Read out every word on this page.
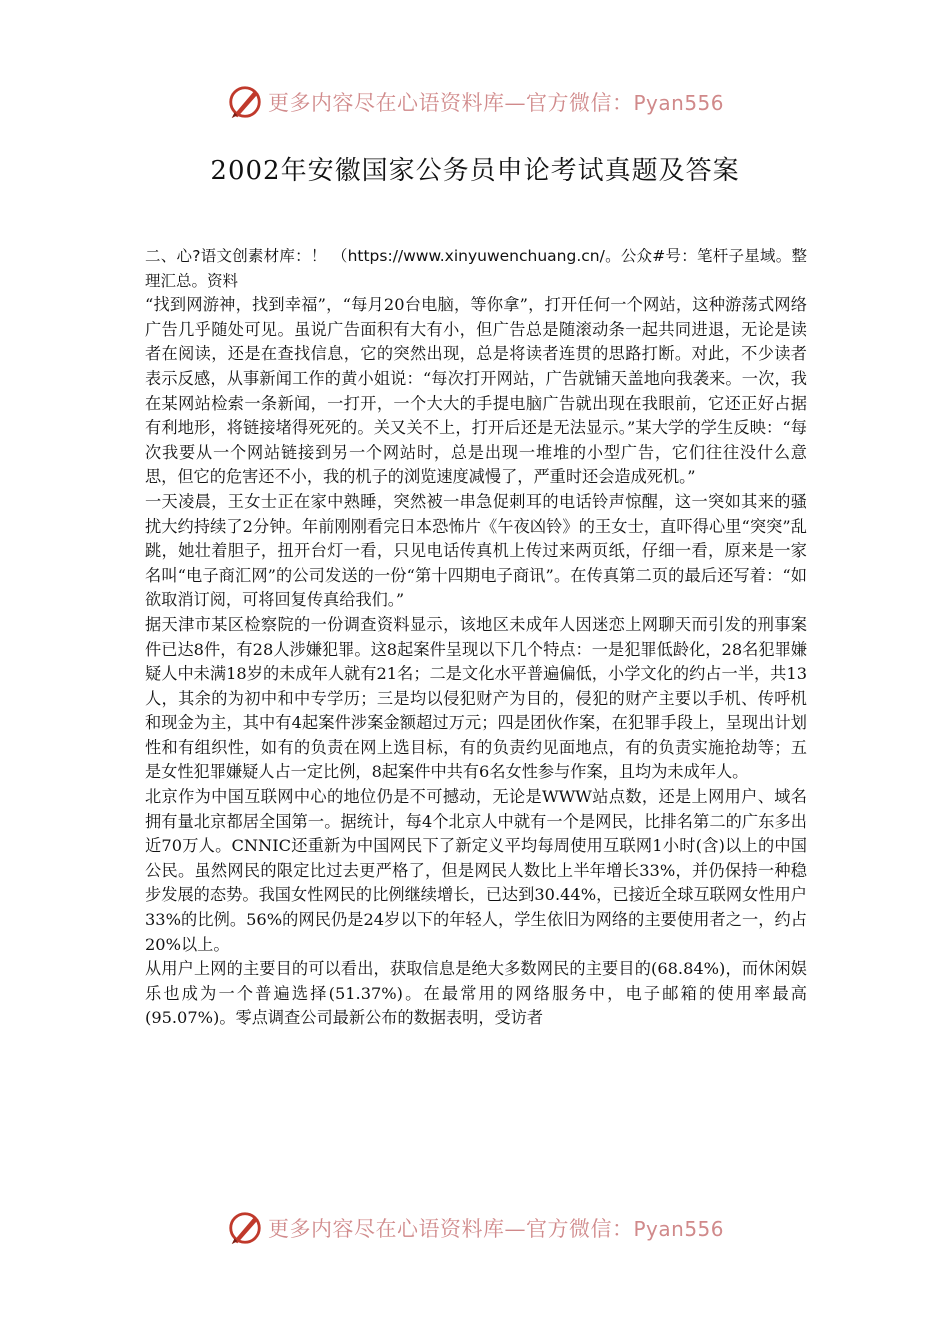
更多内容尽在心语资料库—官方微信：Pyan556
2002年安徽国家公务员申论考试真题及答案

二、心?语文创素材库：！ （https://www.xinyuwenchuang.cn/。公众#号：笔杆子星域。整理汇总。资料

“找到网游神，找到幸福”，“每月20台电脑，等你拿”，打开任何一个网站，这种游荡式网络广告几乎随处可见。虽说广告面积有大有小，但广告总是随滚动条一起共同进退，无论是读者在阅读，还是在查找信息，它的突然出现，总是将读者连贯的思路打断。对此，不少读者表示反感，从事新闻工作的黄小姐说：“每次打开网站，广告就铺天盖地向我袭来。一次，我在某网站检索一条新闻，一打开，一个大大的手提电脑广告就出现在我眼前，它还正好占据有利地形，将链接堵得死死的。关又关不上，打开后还是无法显示。”某大学的学生反映：“每次我要从一个网站链接到另一个网站时，总是出现一堆堆的小型广告，它们往往没什么意思，但它的危害还不小，我的机子的浏览速度减慢了，严重时还会造成死机。”

一天凌晨，王女士正在家中熟睡，突然被一串急促刺耳的电话铃声惊醒，这一突如其来的骚扰大约持续了2分钟。年前刚刚看完日本恐怖片《午夜凶铃》的王女士，直吓得心里“突突”乱跳，她壮着胆子，扭开台灯一看，只见电话传真机上传过来两页纸，仔细一看，原来是一家名叫“电子商汇网”的公司发送的一份“第十四期电子商讯”。在传真第二页的最后还写着：“如欲取消订阅，可将回复传真给我们。”

据天津市某区检察院的一份调查资料显示，该地区未成年人因迷恋上网聊天而引发的刑事案件已达8件，有28人涉嫌犯罪。这8起案件呈现以下几个特点：一是犯罪低龄化，28名犯罪嫌疑人中未满18岁的未成年人就有21名；二是文化水平普遍偏低，小学文化的约占一半，共13人，其余的为初中和中专学历；三是均以侵犯财产为目的，侵犯的财产主要以手机、传呼机和现金为主，其中有4起案件涉案金额超过万元；四是团伙作案，在犯罪手段上，呈现出计划性和有组织性，如有的负责在网上选目标，有的负责约见面地点，有的负责实施抢劫等；五是女性犯罪嫌疑人占一定比例，8起案件中共有6名女性参与作案，且均为未成年人。

北京作为中国互联网中心的地位仍是不可撼动，无论是WWW站点数，还是上网用户、域名拥有量北京都居全国第一。据统计，每4个北京人中就有一个是网民，比排名第二的广东多出近70万人。CNNIC还重新为中国网民下了新定义平均每周使用互联网1小时(含)以上的中国公民。虽然网民的限定比过去更严格了，但是网民人数比上半年增长33%，并仍保持一种稳步发展的态势。我国女性网民的比例继续增长，已达到30.44%，已接近全球互联网女性用户33%的比例。56%的网民仍是24岁以下的年轻人，学生依旧为网络的主要使用者之一，约占20%以上。

从用户上网的主要目的可以看出，获取信息是绝大多数网民的主要目的(68.84%)，而休闲娱乐也成为一个普遍选择(51.37%)。在最常用的网络服务中，电子邮箱的使用率最高(95.07%)。零点调查公司最新公布的数据表明，受访者

更多内容尽在心语资料库—官方微信：Pyan556
